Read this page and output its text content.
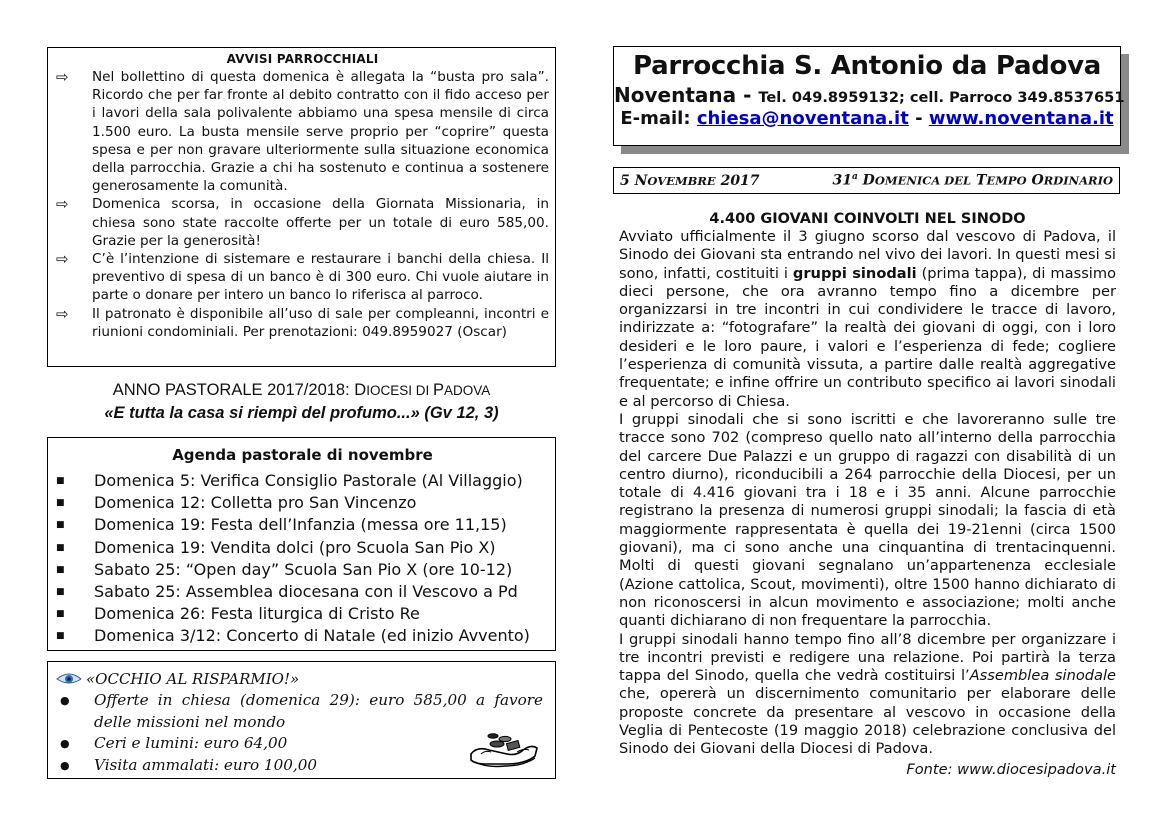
AVVISI PARROCCHIALI
⇨	Nel bollettino di questa domenica è allegata la “busta pro sala”. Ricordo che per far fronte al debito contratto con il fido acceso per i lavori della sala polivalente abbiamo una spesa mensile di circa 1.500 euro. La busta mensile serve proprio per “coprire” questa spesa e per non gravare ulteriormente sulla situazione economica della parrocchia. Grazie a chi ha sostenuto e continua a sostenere generosamente la comunità.
⇨	Domenica scorsa, in occasione della Giornata Missionaria, in chiesa sono state raccolte offerte per un totale di euro 585,00. Grazie per la generosità!
⇨	C’è l’intenzione di sistemare e restaurare i banchi della chiesa. Il preventivo di spesa di un banco è di 300 euro. Chi vuole aiutare in parte o donare per intero un banco lo riferisca al parroco.
⇨	Il patronato è disponibile all’uso di sale per compleanni, incontri e riunioni condominiali. Per prenotazioni: 049.8959027 (Oscar)
ANNO PASTORALE 2017/2018: DIOCESI DI PADOVA
«E tutta la casa si riempì del profumo...» (Gv 12, 3)
Agenda pastorale di novembre
■	Domenica 5: Verifica Consiglio Pastorale (Al Villaggio)
■	Domenica 12: Colletta pro San Vincenzo
■	Domenica 19: Festa dell’Infanzia (messa ore 11,15)
■	Domenica 19: Vendita dolci (pro Scuola San Pio X)
■	Sabato 25: “Open day” Scuola San Pio X (ore 10-12)
■	Sabato 25: Assemblea diocesana con il Vescovo a Pd
■	Domenica 26: Festa liturgica di Cristo Re
■	Domenica 3/12: Concerto di Natale (ed inizio Avvento)
«OCCHIO AL RISPARMIO!»
●	Offerte in chiesa (domenica 29): euro 585,00 a favore delle missioni nel mondo
●	Ceri e lumini: euro 64,00
●	Visita ammalati: euro 100,00
Parrocchia S. Antonio da Padova
Noventana - Tel. 049.8959132; cell. Parroco 349.8537651
E-mail: chiesa@noventana.it - www.noventana.it
5 NOVEMBRE 2017	31$^a$ DOMENICA DEL TEMPO ORDINARIO
4.400 GIOVANI COINVOLTI NEL SINODO

Avviato ufficialmente il 3 giugno scorso dal vescovo di Padova, il Sinodo dei Giovani sta entrando nel vivo dei lavori. In questi mesi si sono, infatti, costituiti i gruppi sinodali (prima tappa), di massimo dieci persone, che ora avranno tempo fino a dicembre per organizzarsi in tre incontri in cui condividere le tracce di lavoro, indirizzate a: “fotografare” la realtà dei giovani di oggi, con i loro desideri e le loro paure, i valori e l’esperienza di fede; cogliere l’esperienza di comunità vissuta, a partire dalle realtà aggregative frequentate; e infine offrire un contributo specifico ai lavori sinodali e al percorso di Chiesa.

I gruppi sinodali che si sono iscritti e che lavoreranno sulle tre tracce sono 702 (compreso quello nato all’interno della parrocchia del carcere Due Palazzi e un gruppo di ragazzi con disabilità di un centro diurno), riconducibili a 264 parrocchie della Diocesi, per un totale di 4.416 giovani tra i 18 e i 35 anni. Alcune parrocchie registrano la presenza di numerosi gruppi sinodali; la fascia di età maggiormente rappresentata è quella dei 19-21enni (circa 1500 giovani), ma ci sono anche una cinquantina di trentacinquenni. Molti di questi giovani segnalano un’appartenenza ecclesiale (Azione cattolica, Scout, movimenti), oltre 1500 hanno dichiarato di non riconoscersi in alcun movimento e associazione; molti anche quanti dichiarano di non frequentare la parrocchia.

I gruppi sinodali hanno tempo fino all’8 dicembre per organizzare i tre incontri previsti e redigere una relazione. Poi partirà la terza tappa del Sinodo, quella che vedrà costituirsi l’Assemblea sinodale che, opererà un discernimento comunitario per elaborare delle proposte concrete da presentare al vescovo in occasione della Veglia di Pentecoste (19 maggio 2018) celebrazione conclusiva del Sinodo dei Giovani della Diocesi di Padova.

Fonte: www.diocesipadova.it
